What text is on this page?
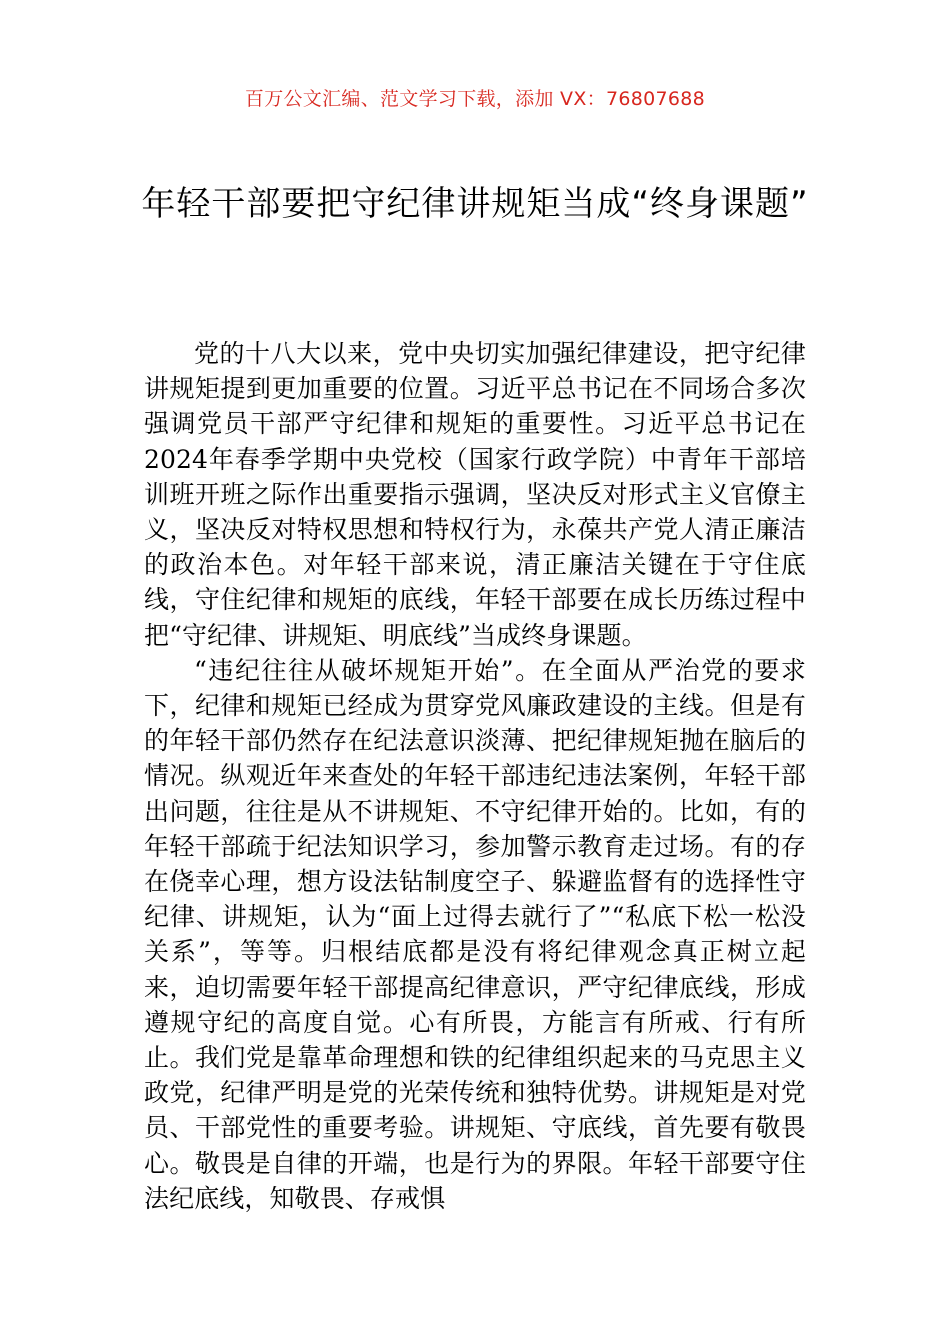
百万公文汇编、范文学习下载，添加 VX：76807688
年轻干部要把守纪律讲规矩当成“终身课题”

党的十八大以来，党中央切实加强纪律建设，把守纪律讲规矩提到更加重要的位置。习近平总书记在不同场合多次强调党员干部严守纪律和规矩的重要性。习近平总书记在2024年春季学期中央党校（国家行政学院）中青年干部培训班开班之际作出重要指示强调，坚决反对形式主义官僚主义，坚决反对特权思想和特权行为，永葆共产党人清正廉洁的政治本色。对年轻干部来说，清正廉洁关键在于守住底线，守住纪律和规矩的底线，年轻干部要在成长历练过程中把“守纪律、讲规矩、明底线”当成终身课题。

“违纪往往从破坏规矩开始”。在全面从严治党的要求下，纪律和规矩已经成为贯穿党风廉政建设的主线。但是有的年轻干部仍然存在纪法意识淡薄、把纪律规矩抛在脑后的情况。纵观近年来查处的年轻干部违纪违法案例，年轻干部出问题，往往是从不讲规矩、不守纪律开始的。比如，有的年轻干部疏于纪法知识学习，参加警示教育走过场。有的存在侥幸心理，想方设法钻制度空子、躲避监督有的选择性守纪律、讲规矩，认为“面上过得去就行了”“私底下松一松没关系”，等等。归根结底都是没有将纪律观念真正树立起来，迫切需要年轻干部提高纪律意识，严守纪律底线，形成遵规守纪的高度自觉。心有所畏，方能言有所戒、行有所止。我们党是靠革命理想和铁的纪律组织起来的马克思主义政党，纪律严明是党的光荣传统和独特优势。讲规矩是对党员、干部党性的重要考验。讲规矩、守底线，首先要有敬畏心。敬畏是自律的开端，也是行为的界限。年轻干部要守住法纪底线，知敬畏、存戒惧
